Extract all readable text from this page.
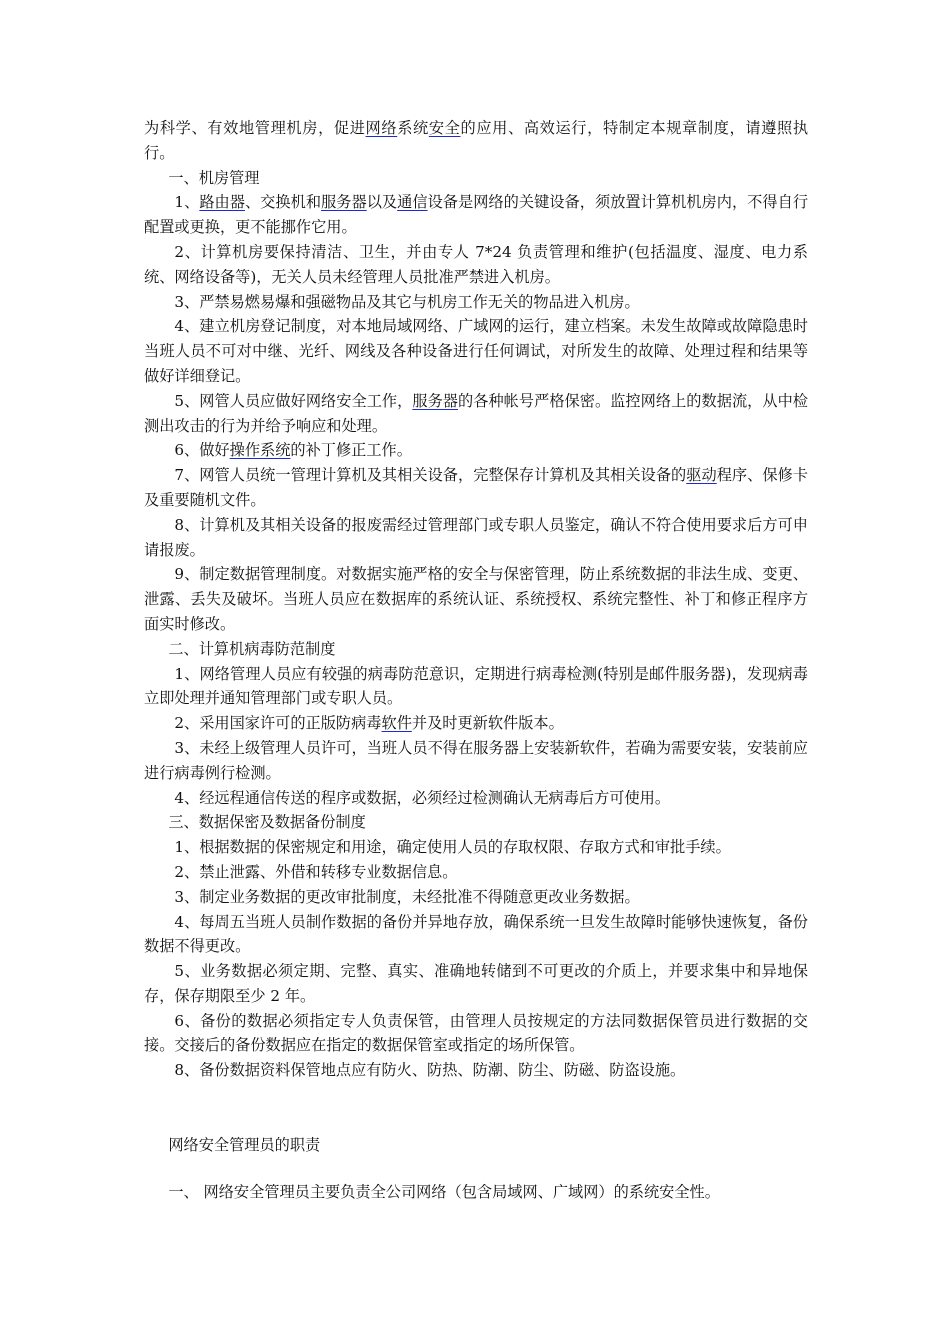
为科学、有效地管理机房，促进网络系统安全的应用、高效运行，特制定本规章制度，请遵照执行。

一、机房管理

1、路由器、交换机和服务器以及通信设备是网络的关键设备，须放置计算机机房内，不得自行配置或更换，更不能挪作它用。

2、计算机房要保持清洁、卫生，并由专人 7*24 负责管理和维护(包括温度、湿度、电力系统、网络设备等)，无关人员未经管理人员批准严禁进入机房。

3、严禁易燃易爆和强磁物品及其它与机房工作无关的物品进入机房。

4、建立机房登记制度，对本地局域网络、广域网的运行，建立档案。未发生故障或故障隐患时当班人员不可对中继、光纤、网线及各种设备进行任何调试，对所发生的故障、处理过程和结果等做好详细登记。

5、网管人员应做好网络安全工作，服务器的各种帐号严格保密。监控网络上的数据流，从中检测出攻击的行为并给予响应和处理。

6、做好操作系统的补丁修正工作。

7、网管人员统一管理计算机及其相关设备，完整保存计算机及其相关设备的驱动程序、保修卡及重要随机文件。

8、计算机及其相关设备的报废需经过管理部门或专职人员鉴定，确认不符合使用要求后方可申请报废。

9、制定数据管理制度。对数据实施严格的安全与保密管理，防止系统数据的非法生成、变更、泄露、丢失及破坏。当班人员应在数据库的系统认证、系统授权、系统完整性、补丁和修正程序方面实时修改。

二、计算机病毒防范制度

1、网络管理人员应有较强的病毒防范意识，定期进行病毒检测(特别是邮件服务器)，发现病毒立即处理并通知管理部门或专职人员。

2、采用国家许可的正版防病毒软件并及时更新软件版本。

3、未经上级管理人员许可，当班人员不得在服务器上安装新软件，若确为需要安装，安装前应进行病毒例行检测。

4、经远程通信传送的程序或数据，必须经过检测确认无病毒后方可使用。

三、数据保密及数据备份制度

1、根据数据的保密规定和用途，确定使用人员的存取权限、存取方式和审批手续。

2、禁止泄露、外借和转移专业数据信息。

3、制定业务数据的更改审批制度，未经批准不得随意更改业务数据。

4、每周五当班人员制作数据的备份并异地存放，确保系统一旦发生故障时能够快速恢复，备份数据不得更改。

5、业务数据必须定期、完整、真实、准确地转储到不可更改的介质上，并要求集中和异地保存，保存期限至少 2 年。

6、备份的数据必须指定专人负责保管，由管理人员按规定的方法同数据保管员进行数据的交接。交接后的备份数据应在指定的数据保管室或指定的场所保管。

8、备份数据资料保管地点应有防火、防热、防潮、防尘、防磁、防盗设施。

网络安全管理员的职责

一、 网络安全管理员主要负责全公司网络（包含局域网、广域网）的系统安全性。
